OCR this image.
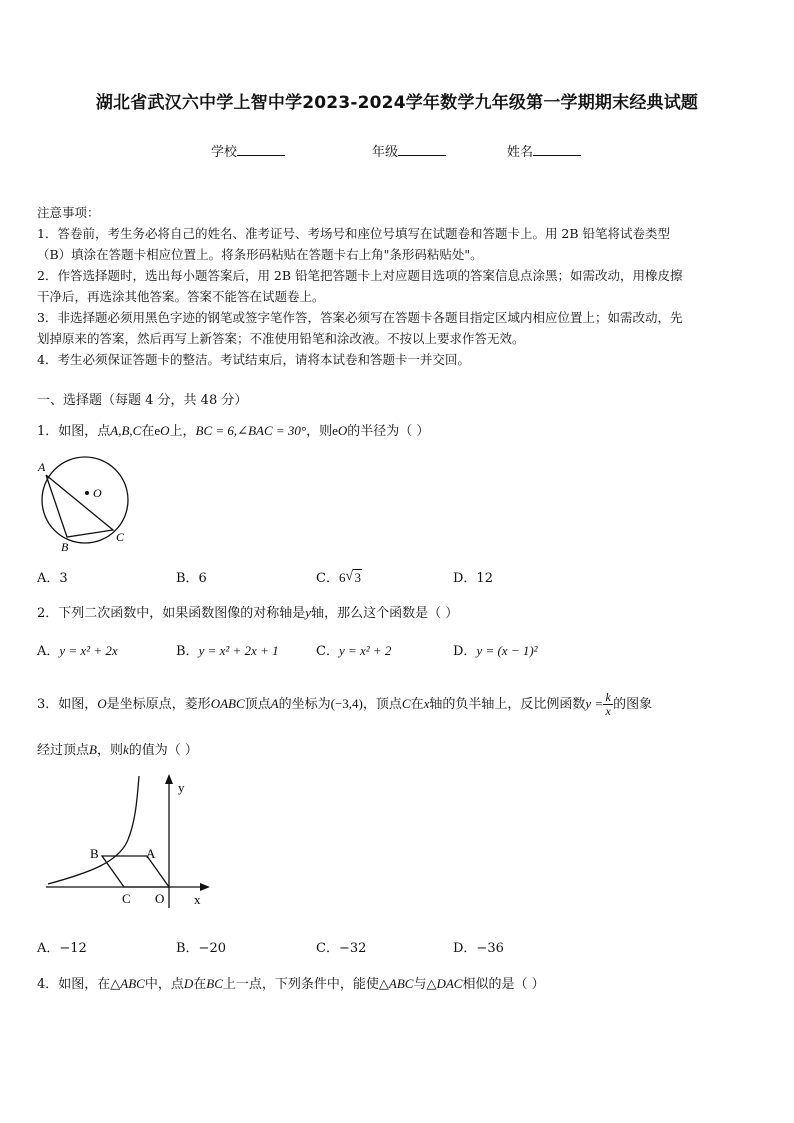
湖北省武汉六中学上智中学2023-2024学年数学九年级第一学期期末经典试题
学校	年级	姓名
注意事项：
1．答卷前，考生务必将自己的姓名、准考证号、考场号和座位号填写在试题卷和答题卡上。用 2B 铅笔将试卷类型
（B）填涂在答题卡相应位置上。将条形码粘贴在答题卡右上角"条形码粘贴处"。
2．作答选择题时，选出每小题答案后，用 2B 铅笔把答题卡上对应题目选项的答案信息点涂黑；如需改动，用橡皮擦
干净后，再选涂其他答案。答案不能答在试题卷上。
3．非选择题必须用黑色字迹的钢笔或签字笔作答，答案必须写在答题卡各题目指定区域内相应位置上；如需改动，先
划掉原来的答案，然后再写上新答案；不准使用铅笔和涂改液。不按以上要求作答无效。
4．考生必须保证答题卡的整洁。考试结束后，请将本试卷和答题卡一并交回。
一、选择题（每题 4 分，共 48 分）
1．如图，点A,B,C在eO上，BC = 6,∠BAC = 30°，则eO的半径为（ ）
A
O
B
C
A．3	B．6	C．6 √ 3	D．12
2．下列二次函数中，如果函数图像的对称轴是y轴，那么这个函数是（ ）
A．y = x² + 2x	B．y = x² + 2x + 1	C．y = x² + 2	D．y = (x − 1)²
3．如图，O是坐标原点，菱形OABC顶点A的坐标为(−3,4)，顶点C在x轴的负半轴上，反比例函数$y = \frac{k}{x}$ 的图象
经过顶点B，则k的值为（ ）
y
x
B	A
C O
A．−12	B．−20	C．−32	D．−36
4．如图，在△ABC中，点D在BC上一点，下列条件中，能使△ABC与△DAC相似的是（ ）
